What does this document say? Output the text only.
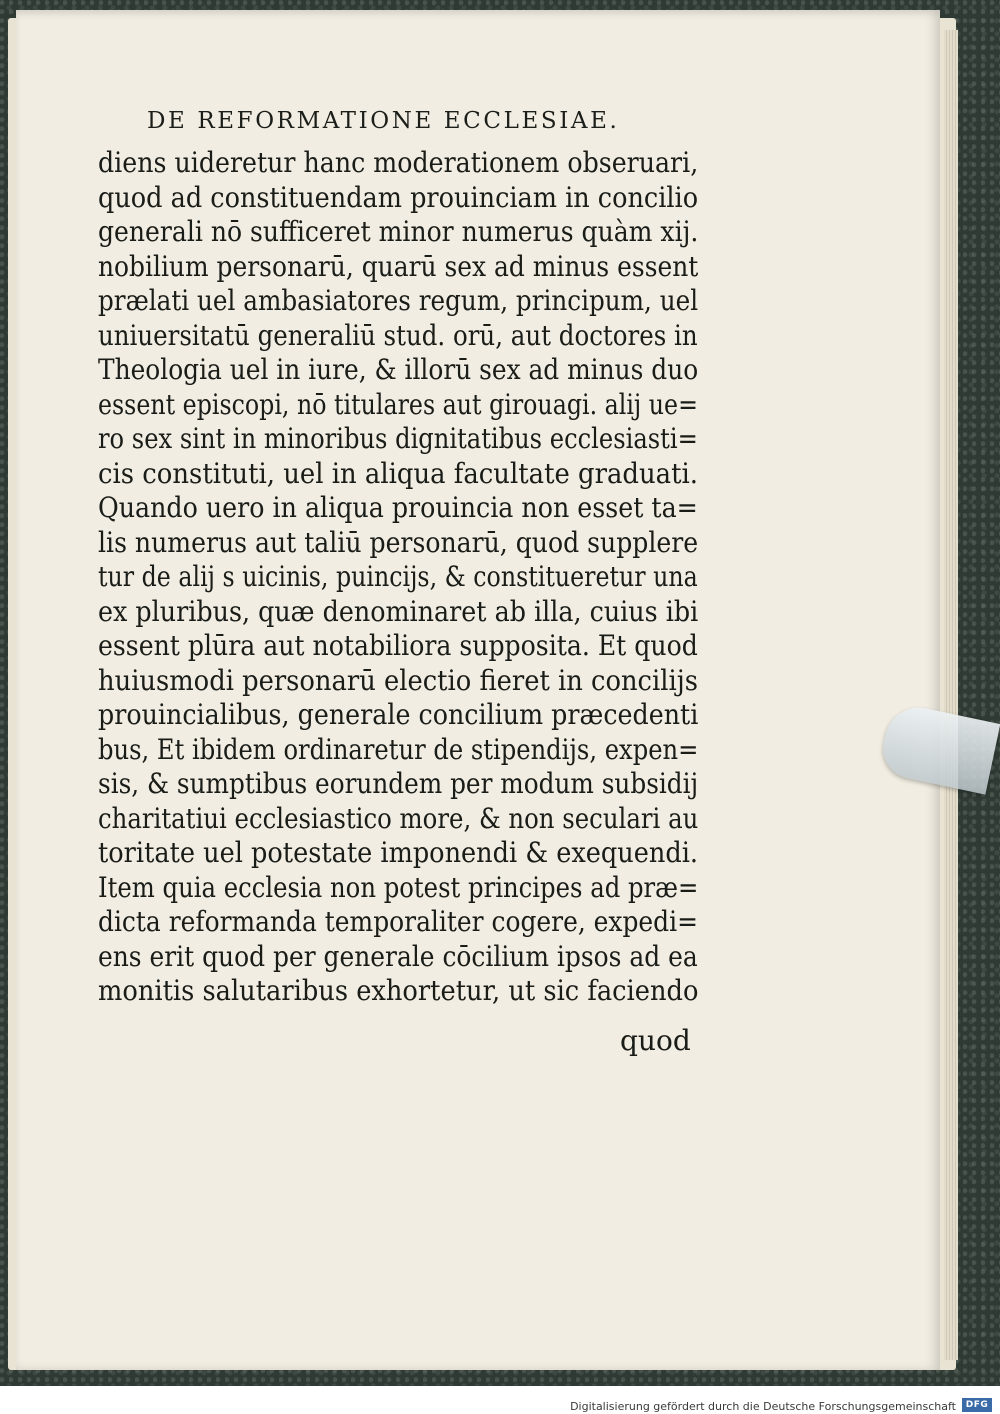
DE REFORMATIONE ECCLESIAE.
diens uideretur hanc moderationem obseruari,
quod ad constituendam prouinciam in concilio
generali nō sufficeret minor numerus quàm xij.
nobilium personarū, quarū sex ad minus essent
prælati uel ambasiatores regum, principum, uel
uniuersitatū generaliū stud. orū, aut doctores in
Theologia uel in iure, & illorū sex ad minus duo
essent episcopi, nō titulares aut girouagi. alij ue=
ro sex sint in minoribus dignitatibus ecclesiasti=
cis constituti, uel in aliqua facultate graduati.
Quando uero in aliqua prouincia non esset ta=
lis numerus aut taliū personarū, quod supplere
tur de alij s uicinis, puincijs, & constitueretur una
ex pluribus, quæ denominaret ab illa, cuius ibi
essent plūra aut notabiliora supposita. Et quod
huiusmodi personarū electio fieret in concilijs
prouincialibus, generale concilium præcedenti
bus, Et ibidem ordinaretur de stipendijs, expen=
sis, & sumptibus eorundem per modum subsidij
charitatiui ecclesiastico more, & non seculari au
toritate uel potestate imponendi & exequendi.
Item quia ecclesia non potest principes ad præ=
dicta reformanda temporaliter cogere, expedi=
ens erit quod per generale cōcilium ipsos ad ea
monitis salutaribus exhortetur, ut sic faciendo
quod
Digitalisierung gefördert durch die Deutsche Forschungsgemeinschaft	DFG
